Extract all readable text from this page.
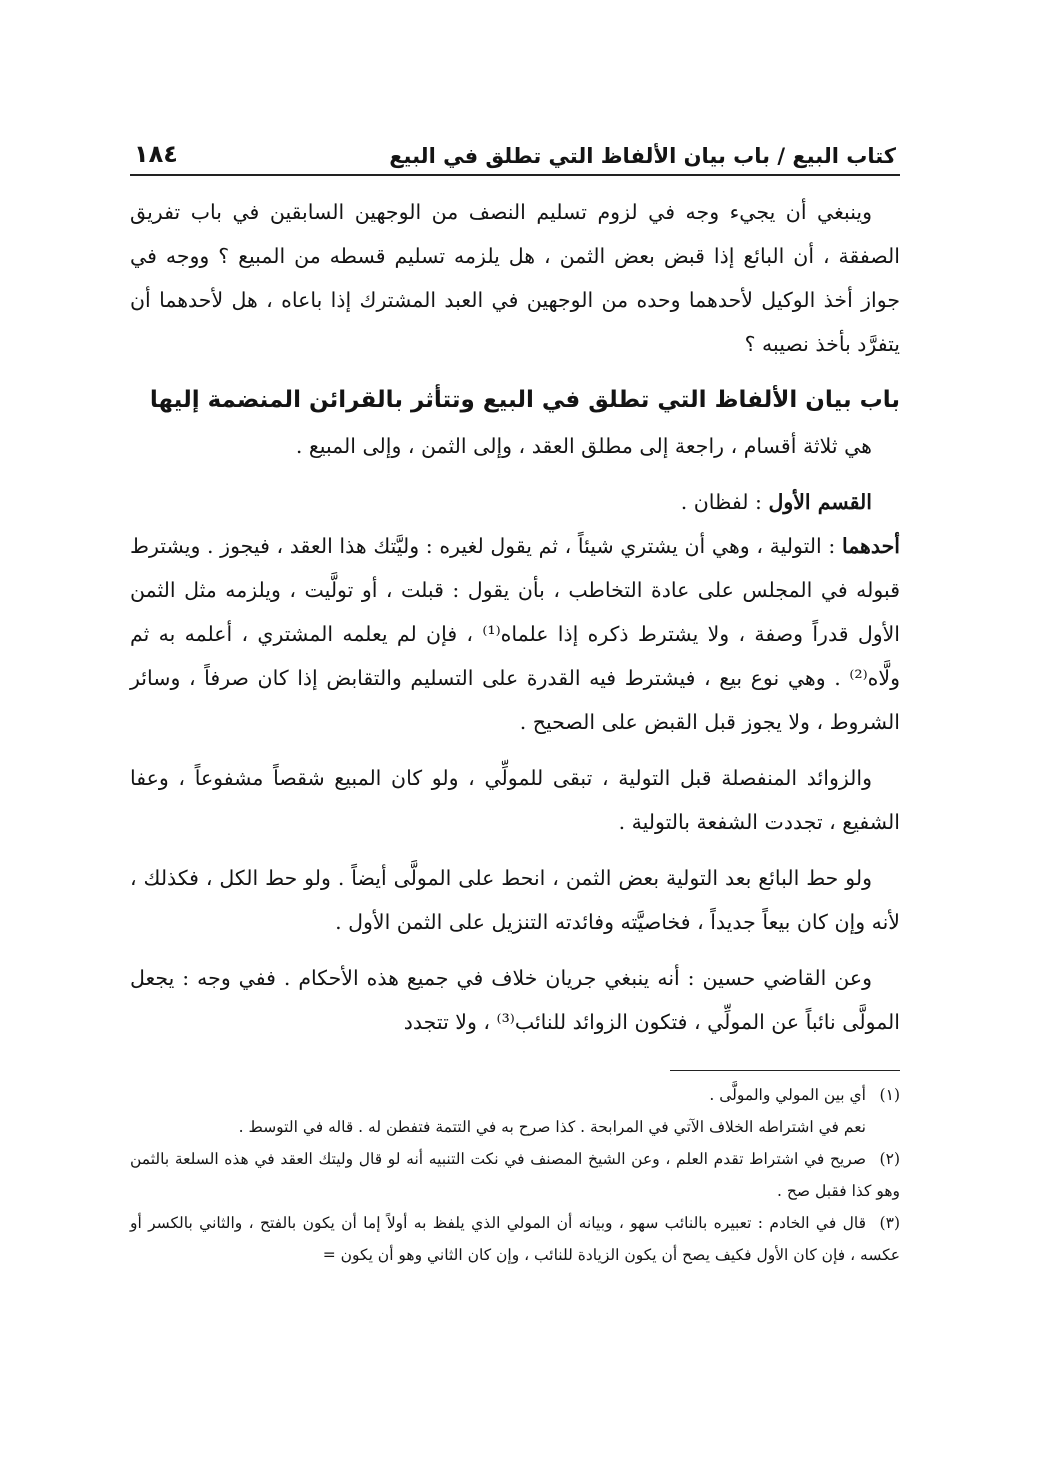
كتاب البيع / باب بيان الألفاظ التي تطلق في البيع
١٨٤

وينبغي أن يجيء وجه في لزوم تسليم النصف من الوجهين السابقين في باب تفريق الصفقة ، أن البائع إذا قبض بعض الثمن ، هل يلزمه تسليم قسطه من المبيع ؟ ووجه في جواز أخذ الوكيل لأحدهما وحده من الوجهين في العبد المشترك إذا باعاه ، هل لأحدهما أن يتفرَّد بأخذ نصيبه ؟

باب بيان الألفاظ التي تطلق في البيع وتتأثر بالقرائن المنضمة إليها

هي ثلاثة أقسام ، راجعة إلى مطلق العقد ، وإلى الثمن ، وإلى المبيع .

القسم الأول : لفظان .

أحدهما : التولية ، وهي أن يشتري شيئاً ، ثم يقول لغيره : وليَّتك هذا العقد ، فيجوز . ويشترط قبوله في المجلس على عادة التخاطب ، بأن يقول : قبلت ، أو تولَّيت ، ويلزمه مثل الثمن الأول قدراً وصفة ، ولا يشترط ذكره إذا علماه⁽¹⁾ ، فإن لم يعلمه المشتري ، أعلمه به ثم ولَّاه⁽²⁾ . وهي نوع بيع ، فيشترط فيه القدرة على التسليم والتقابض إذا كان صرفاً ، وسائر الشروط ، ولا يجوز قبل القبض على الصحيح .

والزوائد المنفصلة قبل التولية ، تبقى للمولِّي ، ولو كان المبيع شقصاً مشفوعاً ، وعفا الشفيع ، تجددت الشفعة بالتولية .

ولو حط البائع بعد التولية بعض الثمن ، انحط على المولَّى أيضاً . ولو حط الكل ، فكذلك ، لأنه وإن كان بيعاً جديداً ، فخاصيَّته وفائدته التنزيل على الثمن الأول .

وعن القاضي حسين : أنه ينبغي جريان خلاف في جميع هذه الأحكام . ففي وجه : يجعل المولَّى نائباً عن المولِّي ، فتكون الزوائد للنائب⁽³⁾ ، ولا تتجدد

(١)أي بين المولي والمولَّى .

نعم في اشتراطه الخلاف الآتي في المرابحة . كذا صرح به في التتمة فتفطن له . قاله في التوسط .

(٢)صريح في اشتراط تقدم العلم ، وعن الشيخ المصنف في نكت التنبيه أنه لو قال وليتك العقد في هذه السلعة بالثمن وهو كذا فقبل صح .

(٣)قال في الخادم : تعبيره بالنائب سهو ، وبيانه أن المولي الذي يلفظ به أولاً إما أن يكون بالفتح ، والثاني بالكسر أو عكسه ، فإن كان الأول فكيف يصح أن يكون الزيادة للنائب ، وإن كان الثاني وهو أن يكون =
